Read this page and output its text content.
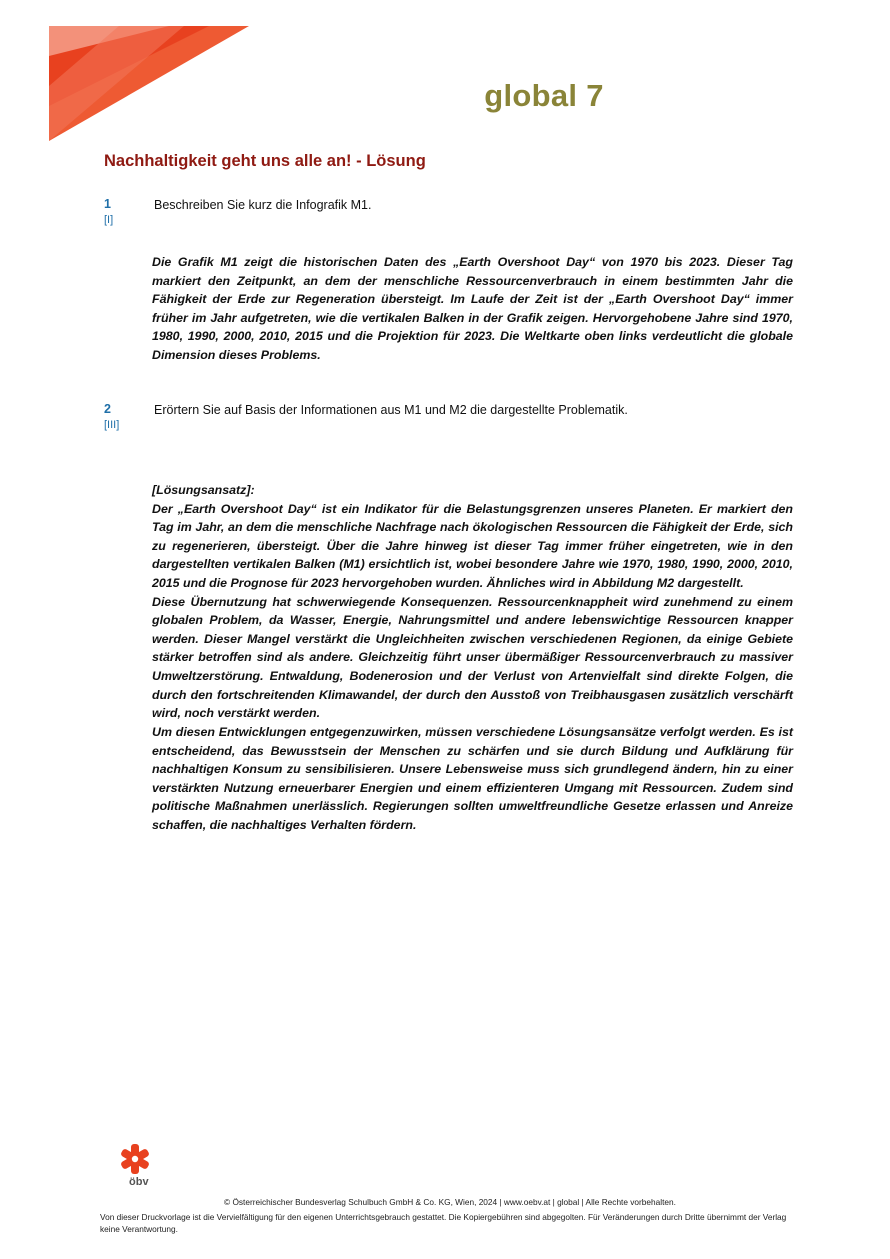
global 7
Nachhaltigkeit geht uns alle an! - Lösung
1
[I]
Beschreiben Sie kurz die Infografik M1.

Die Grafik M1 zeigt die historischen Daten des „Earth Overshoot Day“ von 1970 bis 2023. Dieser Tag markiert den Zeitpunkt, an dem der menschliche Ressourcenverbrauch in einem bestimmten Jahr die Fähigkeit der Erde zur Regeneration übersteigt. Im Laufe der Zeit ist der „Earth Overshoot Day“ immer früher im Jahr aufgetreten, wie die vertikalen Balken in der Grafik zeigen. Hervorgehobene Jahre sind 1970, 1980, 1990, 2000, 2010, 2015 und die Projektion für 2023. Die Weltkarte oben links verdeutlicht die globale Dimension dieses Problems.

2
[III]
Erörtern Sie auf Basis der Informationen aus M1 und M2 die dargestellte Problematik.

[Lösungsansatz]:

Der „Earth Overshoot Day“ ist ein Indikator für die Belastungsgrenzen unseres Planeten. Er markiert den Tag im Jahr, an dem die menschliche Nachfrage nach ökologischen Ressourcen die Fähigkeit der Erde, sich zu regenerieren, übersteigt. Über die Jahre hinweg ist dieser Tag immer früher eingetreten, wie in den dargestellten vertikalen Balken (M1) ersichtlich ist, wobei besondere Jahre wie 1970, 1980, 1990, 2000, 2010, 2015 und die Prognose für 2023 hervorgehoben wurden. Ähnliches wird in Abbildung M2 dargestellt.

Diese Übernutzung hat schwerwiegende Konsequenzen. Ressourcenknappheit wird zunehmend zu einem globalen Problem, da Wasser, Energie, Nahrungsmittel und andere lebenswichtige Ressourcen knapper werden. Dieser Mangel verstärkt die Ungleichheiten zwischen verschiedenen Regionen, da einige Gebiete stärker betroffen sind als andere. Gleichzeitig führt unser übermäßiger Ressourcenverbrauch zu massiver Umweltzerstörung. Entwaldung, Bodenerosion und der Verlust von Artenvielfalt sind direkte Folgen, die durch den fortschreitenden Klimawandel, der durch den Ausstoß von Treibhausgasen zusätzlich verschärft wird, noch verstärkt werden.

Um diesen Entwicklungen entgegenzuwirken, müssen verschiedene Lösungsansätze verfolgt werden. Es ist entscheidend, das Bewusstsein der Menschen zu schärfen und sie durch Bildung und Aufklärung für nachhaltigen Konsum zu sensibilisieren. Unsere Lebensweise muss sich grundlegend ändern, hin zu einer verstärkten Nutzung erneuerbarer Energien und einem effizienteren Umgang mit Ressourcen. Zudem sind politische Maßnahmen unerlässlich. Regierungen sollten umweltfreundliche Gesetze erlassen und Anreize schaffen, die nachhaltiges Verhalten fördern.

öbv
© Österreichischer Bundesverlag Schulbuch GmbH & Co. KG, Wien, 2024 | www.oebv.at | global | Alle Rechte vorbehalten.
Von dieser Druckvorlage ist die Vervielfältigung für den eigenen Unterrichtsgebrauch gestattet. Die Kopiergebühren sind abgegolten. Für Veränderungen durch Dritte übernimmt der Verlag keine Verantwortung.
